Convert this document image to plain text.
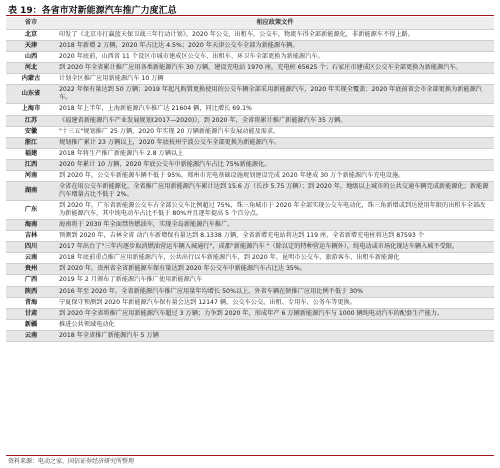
表 19：各省市对新能源汽车推广力度汇总
省市	相应政策文件
北京	印发了《北京市打赢蓝天保卫战三年行动计划》，2020 年公交、出租车，公交车、物流车得全部新能源化，非新能源车不得上路。
天津	2018 年新增 2 万辆，2020 年占比达 4.5%；2020 年天津公交车全部为新能源车辆。
山西	2020 年底前，山西省 11 个设区市城市建成区公交车、出租车、环卫车全部更换为新能源汽车。
河北	到 2020 年全省累计推广应用各类新能源汽车 30 万辆，建设充电站 1970 座，充电桩 65625 个；石家庄市建成区公交车全部更换为新能源汽车。
内蒙古	计划全区推广应用新能源汽车 10 万辆
山东省	2022 年保有量达到 50 万辆；2019 年起凡购置更换使用的公交车辆全部采用新能源汽车，2020 年实现全覆盖；2020 年底前省会市全部更换为新能源汽车。
上海市	2018 年上半年，上海新能源汽车推广达 21604 辆，同比增长 69.1%
江苏	《福建省新能源汽车产业发展规划(2017—2020)》，到 2020 年，全省将累计推广新能源汽车 35 万辆。
安徽	"十三五"规划推广 25 万辆，2020 年实现 20 万辆新能源汽车发展动能及需求。
浙江	规划推广累计 23 万辆以上，2020 年底杭州宁波公交车全部更换为新能源汽车。
福建	2018 年将生产推广新能源汽车 2.8 万辆以上
江西	2020 年累计 10 万辆，2020 年底公交车中新能源汽车占比 75%新能源化。
河南	到 2020 年，公交车新能源车辆不低于 95%，郑州市充电基础设施规划建设完成 2020 年建成 30 万个新能源汽车充电设施。
湖南	全省在用公交车新能源化，全省推广应用新能源汽车累计达到 15.6 万（长沙 5.75 万辆）；到 2020 年，地级以上城市的公共交通车辆完成新能源化；新能源汽车增量占比不低于 2%。
广东	到 2020 年，广东省新能源公交车占全部公交车比例超过 75%，珠三角城市于 2020 年全部实现公交车电动化，珠三角新增或到达使用年限的出租车全部改为新能源汽车，其中纯电动车占比不低于 80%并且逐年提高 5 个百分点。
海南	海南将于 2030 年全面禁售燃油车，实现全岛新能源汽车推广。
吉林	预测到 2020 年，吉林全省 动汽车新增保有量达到 8.1338 万辆，全省新增充电站将达到 119 座，全省新增充电桩将达到 87593 个
四川	2017 年出台了"三年内逐步取消燃油营运车辆入城通行"，成都"新能源汽车 "（除以定的特种营运车辆外），纯电动或市场化现达车辆入城不受限。
云南	2018 年底前重点推广应用新能源汽车，公共出行以车新能源汽车，到 2020 年，昆明市公交车、旅游客车、出租车新能源化
贵州	到 2020 年，贵州省全省新能源车保有量达到 2020 年公交车中新能源汽车占比达 35%。
广西	2019 年 2 月颁布了新能源汽车推广使用新能源汽车
陕西	2016 年至 2020 年，全省新能源汽车推广应用量年均增长 50%以上，外省车辆在陕推广应用比例不低于 30%
青海	宁夏保守预测到 2020 年新能源汽车保有量会达到 12147 辆，公交车公交、出租、专用车、公务车等更换。
甘肃	到 2020 年全省将推广应用新能源汽车超过 3 万辆；力争到 2020 年，形成年产 6 万辆新能源汽车与 1000 辆纯电动汽车的配套生产能力。
新疆	推进公共领域电动化
云南	2018 年全省推广新能源汽车 5 万辆
资料来源：电动之家，国信证券经济研究所整理
